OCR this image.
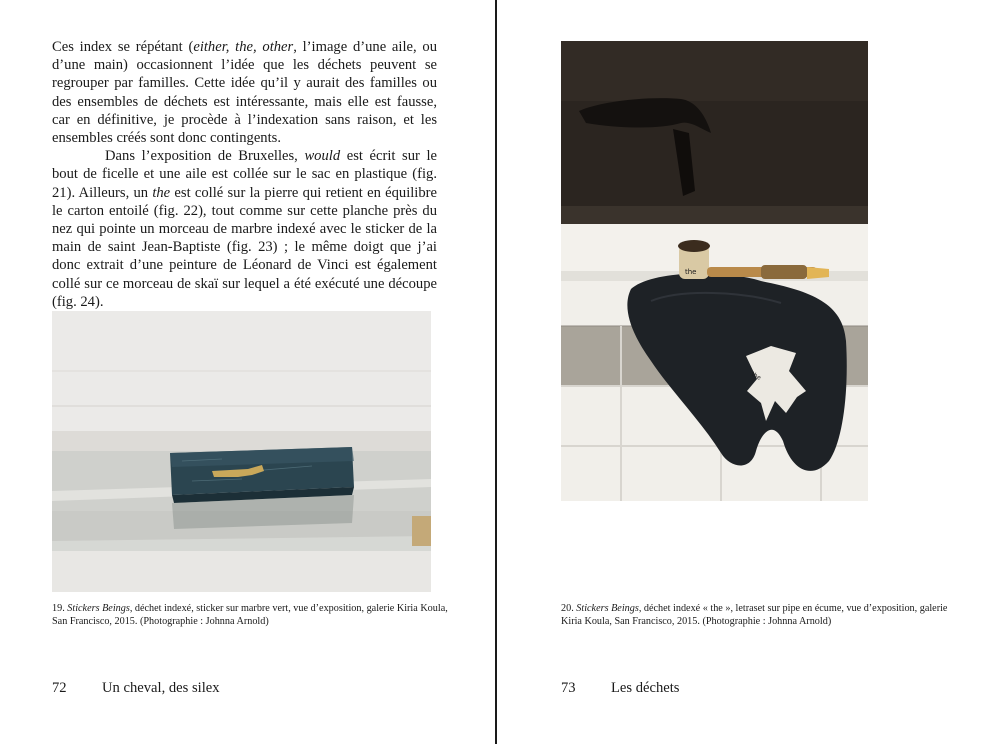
Ces index se répétant (either, the, other, l’image d’une aile, ou d’une main) occasionnent l’idée que les déchets peuvent se regrouper par familles. Cette idée qu’il y aurait des familles ou des ensembles de déchets est intéressante, mais elle est fausse, car en définitive, je procède à l’indexation sans raison, et les ensembles créés sont donc contingents.

Dans l’exposition de Bruxelles, would est écrit sur le bout de ficelle et une aile est collée sur le sac en plastique (fig. 21). Ailleurs, un the est collé sur la pierre qui retient en équilibre le carton entoilé (fig. 22), tout comme sur cette planche près du nez qui pointe un morceau de marbre indexé avec le sticker de la main de saint Jean-Baptiste (fig. 23) ; le même doigt que j’ai donc extrait d’une peinture de Léonard de Vinci est également collé sur ce morceau de skaï sur lequel a été exécuté une découpe (fig. 24).

19. Stickers Beings, déchet indexé, sticker sur marbre vert, vue d’exposition, galerie Kiria Koula, San Francisco, 2015. (Photographie : Johnna Arnold)

72 Un cheval, des silex
the
the

20. Stickers Beings, déchet indexé « the », letraset sur pipe en écume, vue d’exposition, galerie Kiria Koula, San Francisco, 2015. (Photographie : Johnna Arnold)

73 Les déchets
